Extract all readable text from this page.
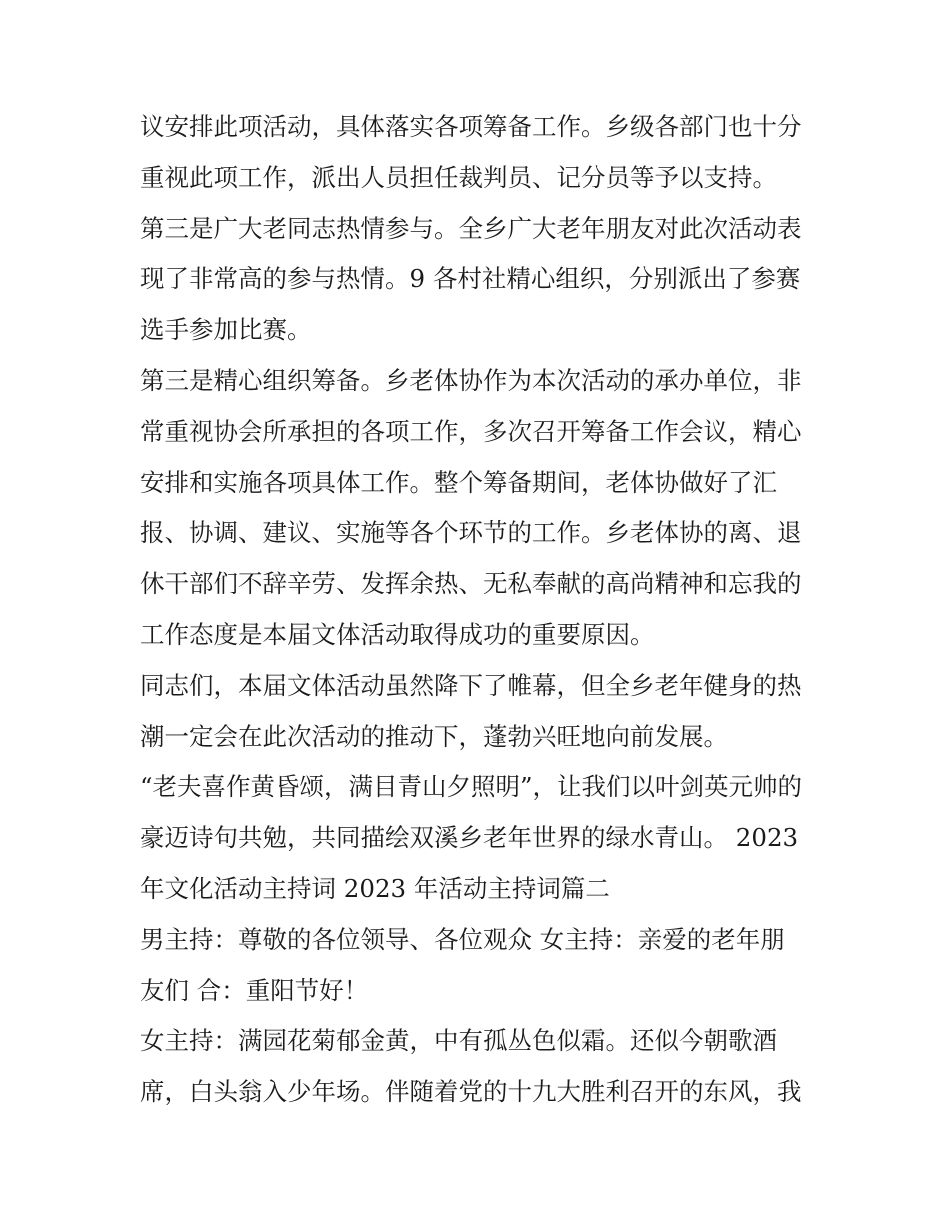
议安排此项活动，具体落实各项筹备工作。乡级各部门也十分
重视此项工作，派出人员担任裁判员、记分员等予以支持。
第三是广大老同志热情参与。全乡广大老年朋友对此次活动表
现了非常高的参与热情。9 各村社精心组织，分别派出了参赛
选手参加比赛。
第三是精心组织筹备。乡老体协作为本次活动的承办单位，非
常重视协会所承担的各项工作，多次召开筹备工作会议，精心
安排和实施各项具体工作。整个筹备期间，老体协做好了汇
报、协调、建议、实施等各个环节的工作。乡老体协的离、退
休干部们不辞辛劳、发挥余热、无私奉献的高尚精神和忘我的
工作态度是本届文体活动取得成功的重要原因。
同志们，本届文体活动虽然降下了帷幕，但全乡老年健身的热
潮一定会在此次活动的推动下，蓬勃兴旺地向前发展。
“老夫喜作黄昏颂，满目青山夕照明”，让我们以叶剑英元帅的
豪迈诗句共勉，共同描绘双溪乡老年世界的绿水青山。 2023
年文化活动主持词 2023 年活动主持词篇二
男主持：尊敬的各位领导、各位观众 女主持：亲爱的老年朋
友们 合：重阳节好！
女主持：满园花菊郁金黄，中有孤丛色似霜。还似今朝歌酒
席，白头翁入少年场。伴随着党的十九大胜利召开的东风，我
